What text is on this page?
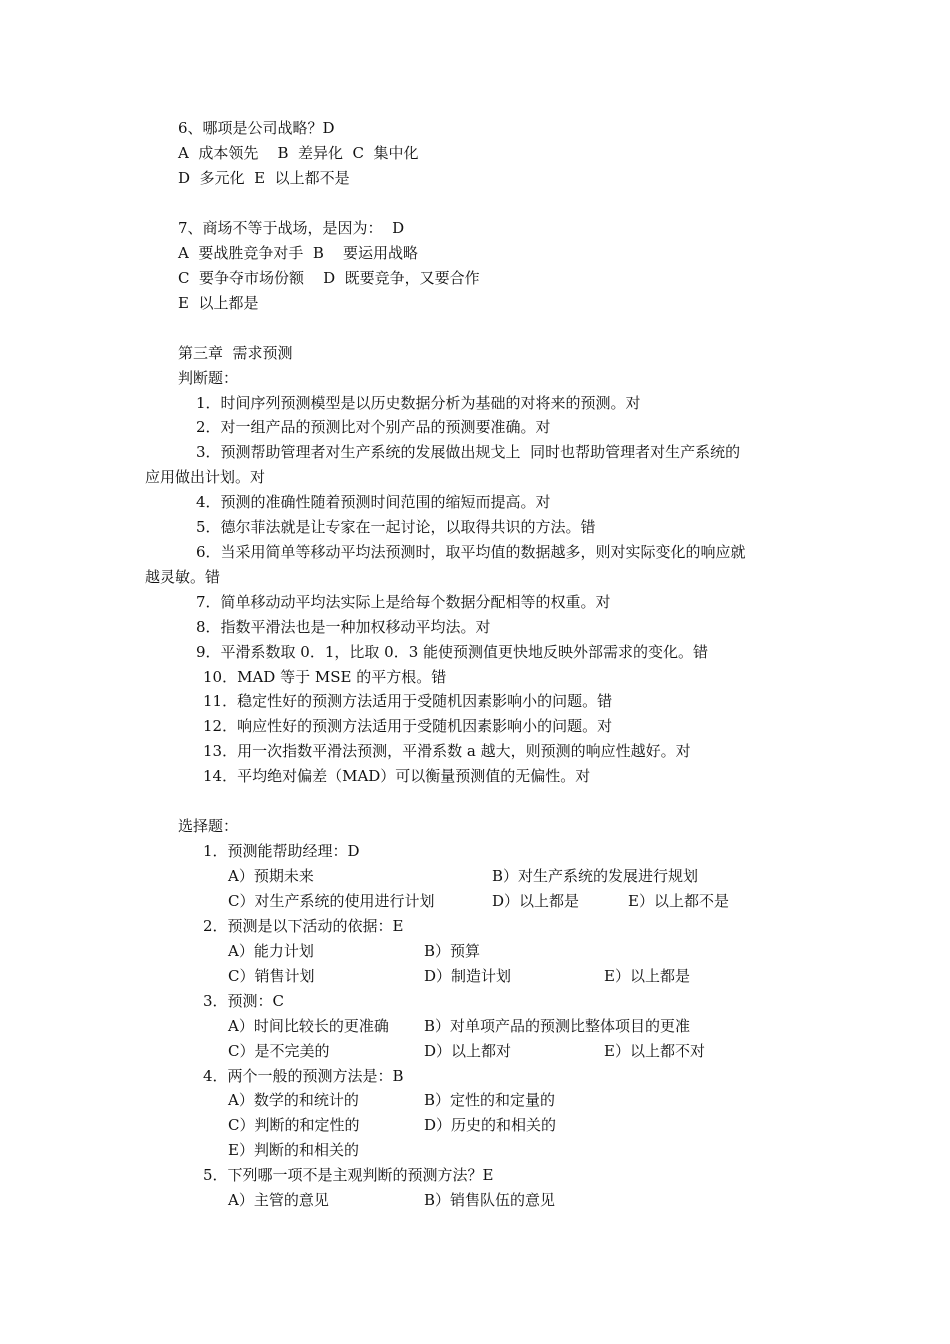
6、哪项是公司战略？D
A  成本领先    B  差异化  C  集中化
D  多元化  E  以上都不是
7、商场不等于战场，是因为：  D
A  要战胜竞争对手  B    要运用战略
C  要争夺市场份额    D  既要竞争，又要合作
E  以上都是
第三章  需求预测
判断题：
1．时间序列预测模型是以历史数据分析为基础的对将来的预测。对
2．对一组产品的预测比对个别产品的预测要准确。对
3．预测帮助管理者对生产系统的发展做出规戈上  同时也帮助管理者对生产系统的
应用做出计划。对
4．预测的准确性随着预测时间范围的缩短而提高。对
5．德尔菲法就是让专家在一起讨论，以取得共识的方法。错
6．当采用简单等移动平均法预测时，取平均值的数据越多，则对实际变化的响应就
越灵敏。错
7．简单移动动平均法实际上是给每个数据分配相等的权重。对
8．指数平滑法也是一种加权移动平均法。对
9．平滑系数取 0．1，比取 0．3 能使预测值更快地反映外部需求的变化。错
10．MAD 等于 MSE 的平方根。错
11．稳定性好的预测方法适用于受随机因素影响小的问题。错
12．响应性好的预测方法适用于受随机因素影响小的问题。对
13．用一次指数平滑法预测，平滑系数 a 越大，则预测的响应性越好。对
14．平均绝对偏差（MAD）可以衡量预测值的无偏性。对
选择题：
1．预测能帮助经理：D
A）预期未来	B）对生产系统的发展进行规划
C）对生产系统的使用进行计划	D）以上都是	E）以上都不是
2．预测是以下活动的依据：E
A）能力计划	B）预算
C）销售计划	D）制造计划	E）以上都是
3．预测：C
A）时间比较长的更准确 B）对单项产品的预测比整体项目的更准
C）是不完美的	D）以上都对	E）以上都不对
4．两个一般的预测方法是：B
A）数学的和统计的	B）定性的和定量的
C）判断的和定性的	D）历史的和相关的
E）判断的和相关的
5．下列哪一项不是主观判断的预测方法？E
A）主管的意见	B）销售队伍的意见
